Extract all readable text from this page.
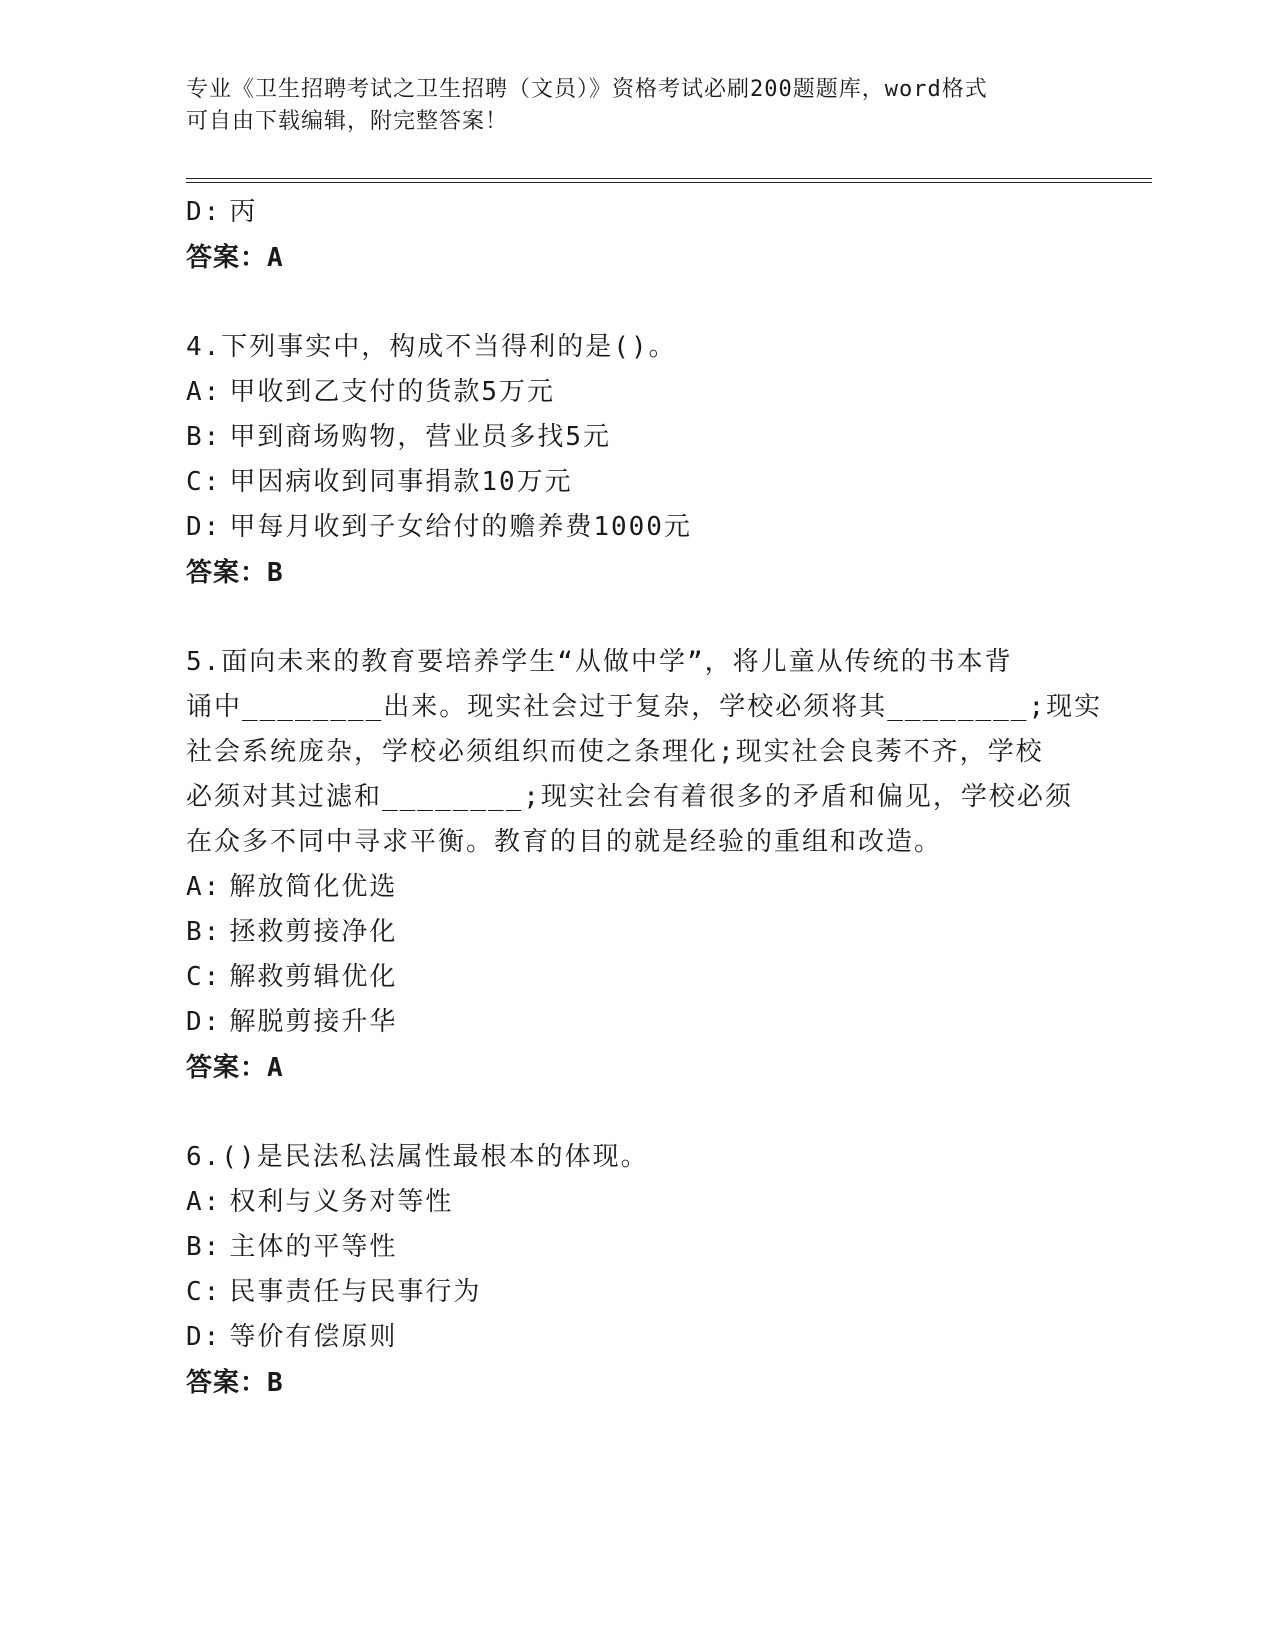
专业《卫生招聘考试之卫生招聘（文员）》资格考试必刷200题题库，word格式
可自由下载编辑，附完整答案！
D: 丙
答案：A
4.下列事实中，构成不当得利的是()。
A: 甲收到乙支付的货款5万元
B: 甲到商场购物，营业员多找5元
C: 甲因病收到同事捐款10万元
D: 甲每月收到子女给付的赡养费1000元
答案：B
5.面向未来的教育要培养学生“从做中学”，将儿童从传统的书本背
诵中________出来。现实社会过于复杂，学校必须将其________;现实
社会系统庞杂，学校必须组织而使之条理化;现实社会良莠不齐，学校
必须对其过滤和________;现实社会有着很多的矛盾和偏见，学校必须
在众多不同中寻求平衡。教育的目的就是经验的重组和改造。
A: 解放简化优选
B: 拯救剪接净化
C: 解救剪辑优化
D: 解脱剪接升华
答案：A
6.()是民法私法属性最根本的体现。
A: 权利与义务对等性
B: 主体的平等性
C: 民事责任与民事行为
D: 等价有偿原则
答案：B
